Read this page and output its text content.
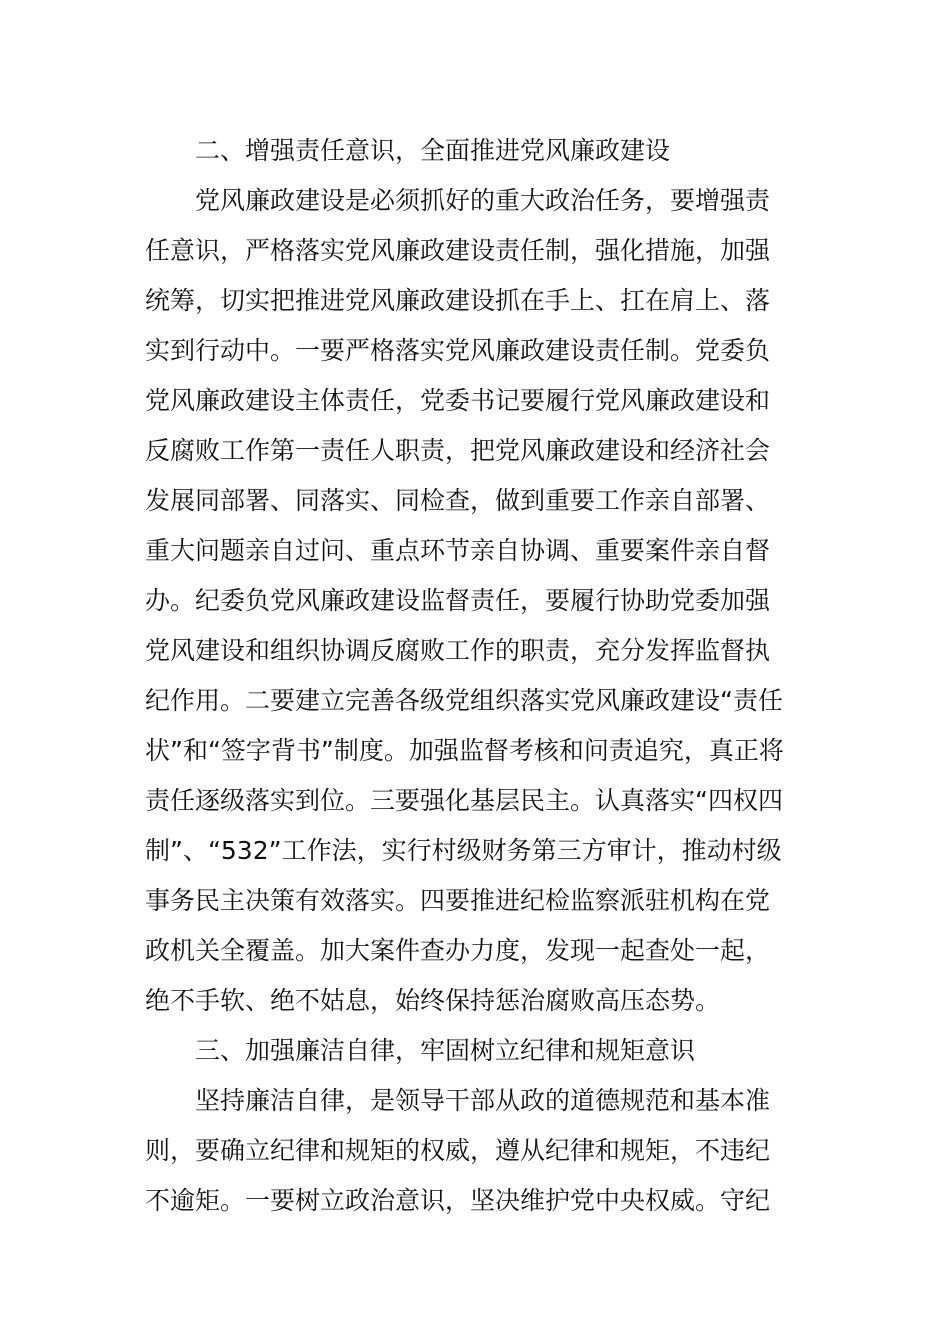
二、增强责任意识，全面推进党风廉政建设
党风廉政建设是必须抓好的重大政治任务，要增强责
任意识，严格落实党风廉政建设责任制，强化措施，加强
统筹，切实把推进党风廉政建设抓在手上、扛在肩上、落
实到行动中。一要严格落实党风廉政建设责任制。党委负
党风廉政建设主体责任，党委书记要履行党风廉政建设和
反腐败工作第一责任人职责，把党风廉政建设和经济社会
发展同部署、同落实、同检查，做到重要工作亲自部署、
重大问题亲自过问、重点环节亲自协调、重要案件亲自督
办。纪委负党风廉政建设监督责任，要履行协助党委加强
党风建设和组织协调反腐败工作的职责，充分发挥监督执
纪作用。二要建立完善各级党组织落实党风廉政建设“责任
状”和“签字背书”制度。加强监督考核和问责追究，真正将
责任逐级落实到位。三要强化基层民主。认真落实“四权四
制”、“532”工作法，实行村级财务第三方审计，推动村级
事务民主决策有效落实。四要推进纪检监察派驻机构在党
政机关全覆盖。加大案件查办力度，发现一起查处一起，
绝不手软、绝不姑息，始终保持惩治腐败高压态势。
三、加强廉洁自律，牢固树立纪律和规矩意识
坚持廉洁自律，是领导干部从政的道德规范和基本准
则，要确立纪律和规矩的权威，遵从纪律和规矩，不违纪
不逾矩。一要树立政治意识，坚决维护党中央权威。守纪
